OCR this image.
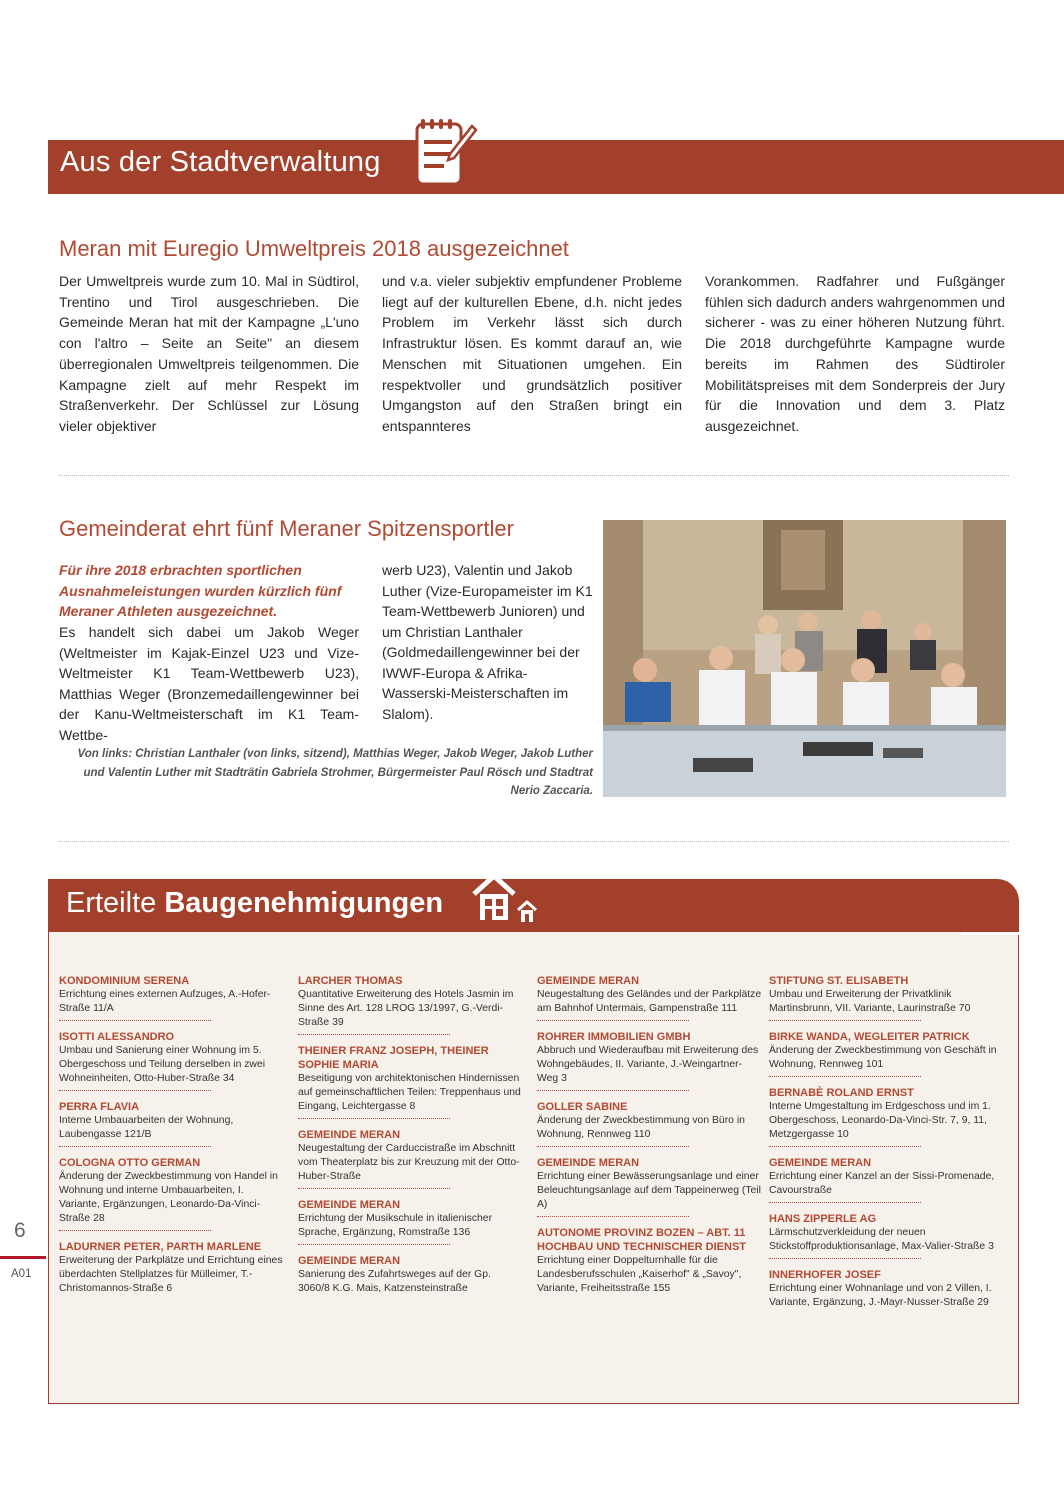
Aus der Stadtverwaltung
Meran mit Euregio Umweltpreis 2018 ausgezeichnet
Der Umweltpreis wurde zum 10. Mal in Südtirol, Trentino und Tirol ausgeschrieben. Die Gemeinde Meran hat mit der Kampagne „L'uno con l'altro – Seite an Seite" an diesem überregionalen Umweltpreis teilgenommen. Die Kampagne zielt auf mehr Respekt im Straßenverkehr. Der Schlüssel zur Lösung vieler objektiver
und v.a. vieler subjektiv empfundener Probleme liegt auf der kulturellen Ebene, d.h. nicht jedes Problem im Verkehr lässt sich durch Infrastruktur lösen. Es kommt darauf an, wie Menschen mit Situationen umgehen. Ein respektvoller und grundsätzlich positiver Umgangston auf den Straßen bringt ein entspannteres
Vorankommen. Radfahrer und Fußgänger fühlen sich dadurch anders wahrgenommen und sicherer - was zu einer höheren Nutzung führt. Die 2018 durchgeführte Kampagne wurde bereits im Rahmen des Südtiroler Mobilitätspreises mit dem Sonderpreis der Jury für die Innovation und dem 3. Platz ausgezeichnet.
Gemeinderat ehrt fünf Meraner Spitzensportler
Für ihre 2018 erbrachten sportlichen Ausnahmeleistungen wurden kürzlich fünf Meraner Athleten ausgezeichnet.
Es handelt sich dabei um Jakob Weger (Weltmeister im Kajak-Einzel U23 und Vize-Weltmeister K1 Team-Wettbewerb U23), Matthias Weger (Bronzemedaillengewinner bei der Kanu-Weltmeisterschaft im K1 Team-Wettbe-
werb U23), Valentin und Jakob Luther (Vize-Europameister im K1 Team-Wettbewerb Junioren) und um Christian Lanthaler (Goldmedaillengewinner bei der IWWF-Europa & Afrika-Wasserski-Meisterschaften im Slalom).
Von links: Christian Lanthaler (von links, sitzend), Matthias Weger, Jakob Weger, Jakob Luther und Valentin Luther mit Stadträtin Gabriela Strohmer, Bürgermeister Paul Rösch und Stadtrat Nerio Zaccaria.
Erteilte Baugenehmigungen
KONDOMINIUM SERENA
Errichtung eines externen Aufzuges, A.-Hofer-Straße 11/A
ISOTTI ALESSANDRO
Umbau und Sanierung einer Wohnung im 5. Obergeschoss und Teilung derselben in zwei Wohneinheiten, Otto-Huber-Straße 34
PERRA FLAVIA
Interne Umbauarbeiten der Wohnung, Laubengasse 121/B
COLOGNA OTTO GERMAN
Änderung der Zweckbestimmung von Handel in Wohnung und interne Umbauarbeiten, I. Variante, Ergänzungen, Leonardo-Da-Vinci-Straße 28
LADURNER PETER, PARTH MARLENE
Erweiterung der Parkplätze und Errichtung eines überdachten Stellplatzes für Mülleimer, T.-Christomannos-Straße 6
LARCHER THOMAS
Quantitative Erweiterung des Hotels Jasmin im Sinne des Art. 128 LROG 13/1997, G.-Verdi-Straße 39
THEINER FRANZ JOSEPH, THEINER SOPHIE MARIA
Beseitigung von architektonischen Hindernissen auf gemeinschaftlichen Teilen: Treppenhaus und Eingang, Leichtergasse 8
GEMEINDE MERAN
Neugestaltung der Carduccistraße im Abschnitt vom Theaterplatz bis zur Kreuzung mit der Otto-Huber-Straße
GEMEINDE MERAN
Errichtung der Musikschule in italienischer Sprache, Ergänzung, Romstraße 136
GEMEINDE MERAN
Sanierung des Zufahrtsweges auf der Gp. 3060/8 K.G. Mais, Katzensteinstraße
GEMEINDE MERAN
Neugestaltung des Geländes und der Parkplätze am Bahnhof Untermais, Gampenstraße 111
ROHRER IMMOBILIEN GMBH
Abbruch und Wiederaufbau mit Erweiterung des Wohngebäudes, II. Variante, J.-Weingartner-Weg 3
GOLLER SABINE
Änderung der Zweckbestimmung von Büro in Wohnung, Rennweg 110
GEMEINDE MERAN
Errichtung einer Bewässerungsanlage und einer Beleuchtungsanlage auf dem Tappeinerweg (Teil A)
AUTONOME PROVINZ BOZEN – ABT. 11 HOCHBAU UND TECHNISCHER DIENST
Errichtung einer Doppelturnhalle für die Landesberufsschulen „Kaiserhof" & „Savoy", Variante, Freiheitsstraße 155
STIFTUNG ST. ELISABETH
Umbau und Erweiterung der Privatklinik Martinsbrunn, VII. Variante, Laurinstraße 70
BIRKE WANDA, WEGLEITER PATRICK
Änderung der Zweckbestimmung von Geschäft in Wohnung, Rennweg 101
BERNABÈ ROLAND ERNST
Interne Umgestaltung im Erdgeschoss und im 1. Obergeschoss, Leonardo-Da-Vinci-Str. 7, 9, 11, Metzgergasse 10
GEMEINDE MERAN
Errichtung einer Kanzel an der Sissi-Promenade, Cavourstraße
HANS ZIPPERLE AG
Lärmschutzverkleidung der neuen Stickstoffproduktionsanlage, Max-Valier-Straße 3
INNERHOFER JOSEF
Errichtung einer Wohnanlage und von 2 Villen, I. Variante, Ergänzung, J.-Mayr-Nusser-Straße 29
6
A01
